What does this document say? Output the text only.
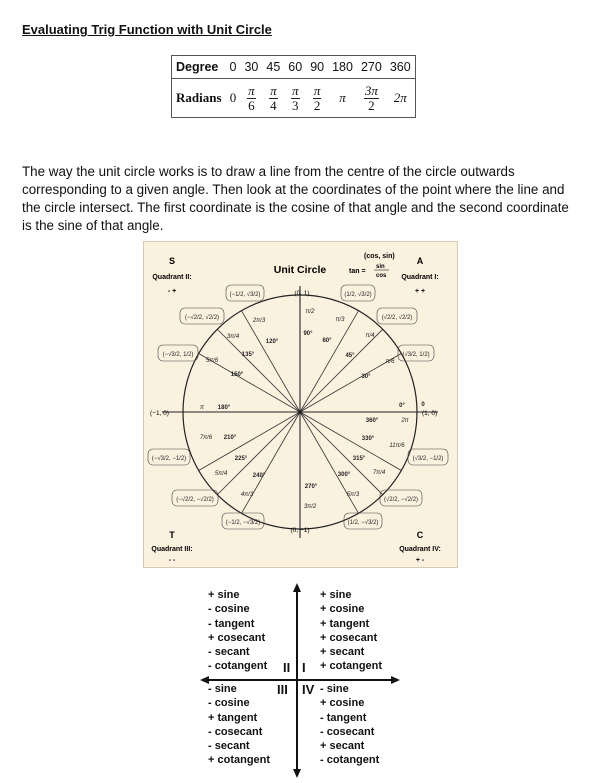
Evaluating Trig Function with Unit Circle
Degree	0	30	45	60	90	180	270	360
Radians	0	$\frac{\pi}{6}$	$\frac{\pi}{4}$	$\frac{\pi}{3}$	$\frac{\pi}{2}$	π	$\frac{3\pi}{2}$	2π
The way the unit circle works is to draw a line from the centre of the circle outwards corresponding to a given angle. Then look at the coordinates of the point where the line and the circle intersect. The first coordinate is the cosine of that angle and the second coordinate is the sine of that angle.
Unit Circle
(cos, sin)
tan =
sin
cos
S
Quadrant II:
- +
A
Quadrant I:
+ +
T
Quadrant III:
- -
C
Quadrant IV:
+ -
(0, 1)
(0, −1)
(−1, 0)	(1, 0)
0°
360°
30°
45°
60°
90°
120°
135°
150°
180°
210°
225°
240°
270°
300°
315°
330°
0
2π
π
π/6
π/4
π/3
π/2
2π/3
3π/4
5π/6
7π/6
5π/4
4π/3
3π/2
5π/3
7π/4
11π/6
(√3/2, 1/2)
(√2/2, √2/2)
(1/2, √3/2)
(−1/2, √3/2)
(−√2/2, √2/2)
(−√3/2, 1/2)
(−√3/2, −1/2)
(−√2/2, −√2/2)
(−1/2, −√3/2)	(1/2, −√3/2)
(√2/2, −√2/2)
(√3/2, −1/2)
+ sine
- cosine
- tangent
+ cosecant
- secant
- cotangent
+ sine
+ cosine
+ tangent
+ cosecant
+ secant
+ cotangent
- sine
- cosine
+ tangent
- cosecant
- secant
+ cotangent
- sine
+ cosine
- tangent
- cosecant
+ secant
- cotangent
II I
III IV
